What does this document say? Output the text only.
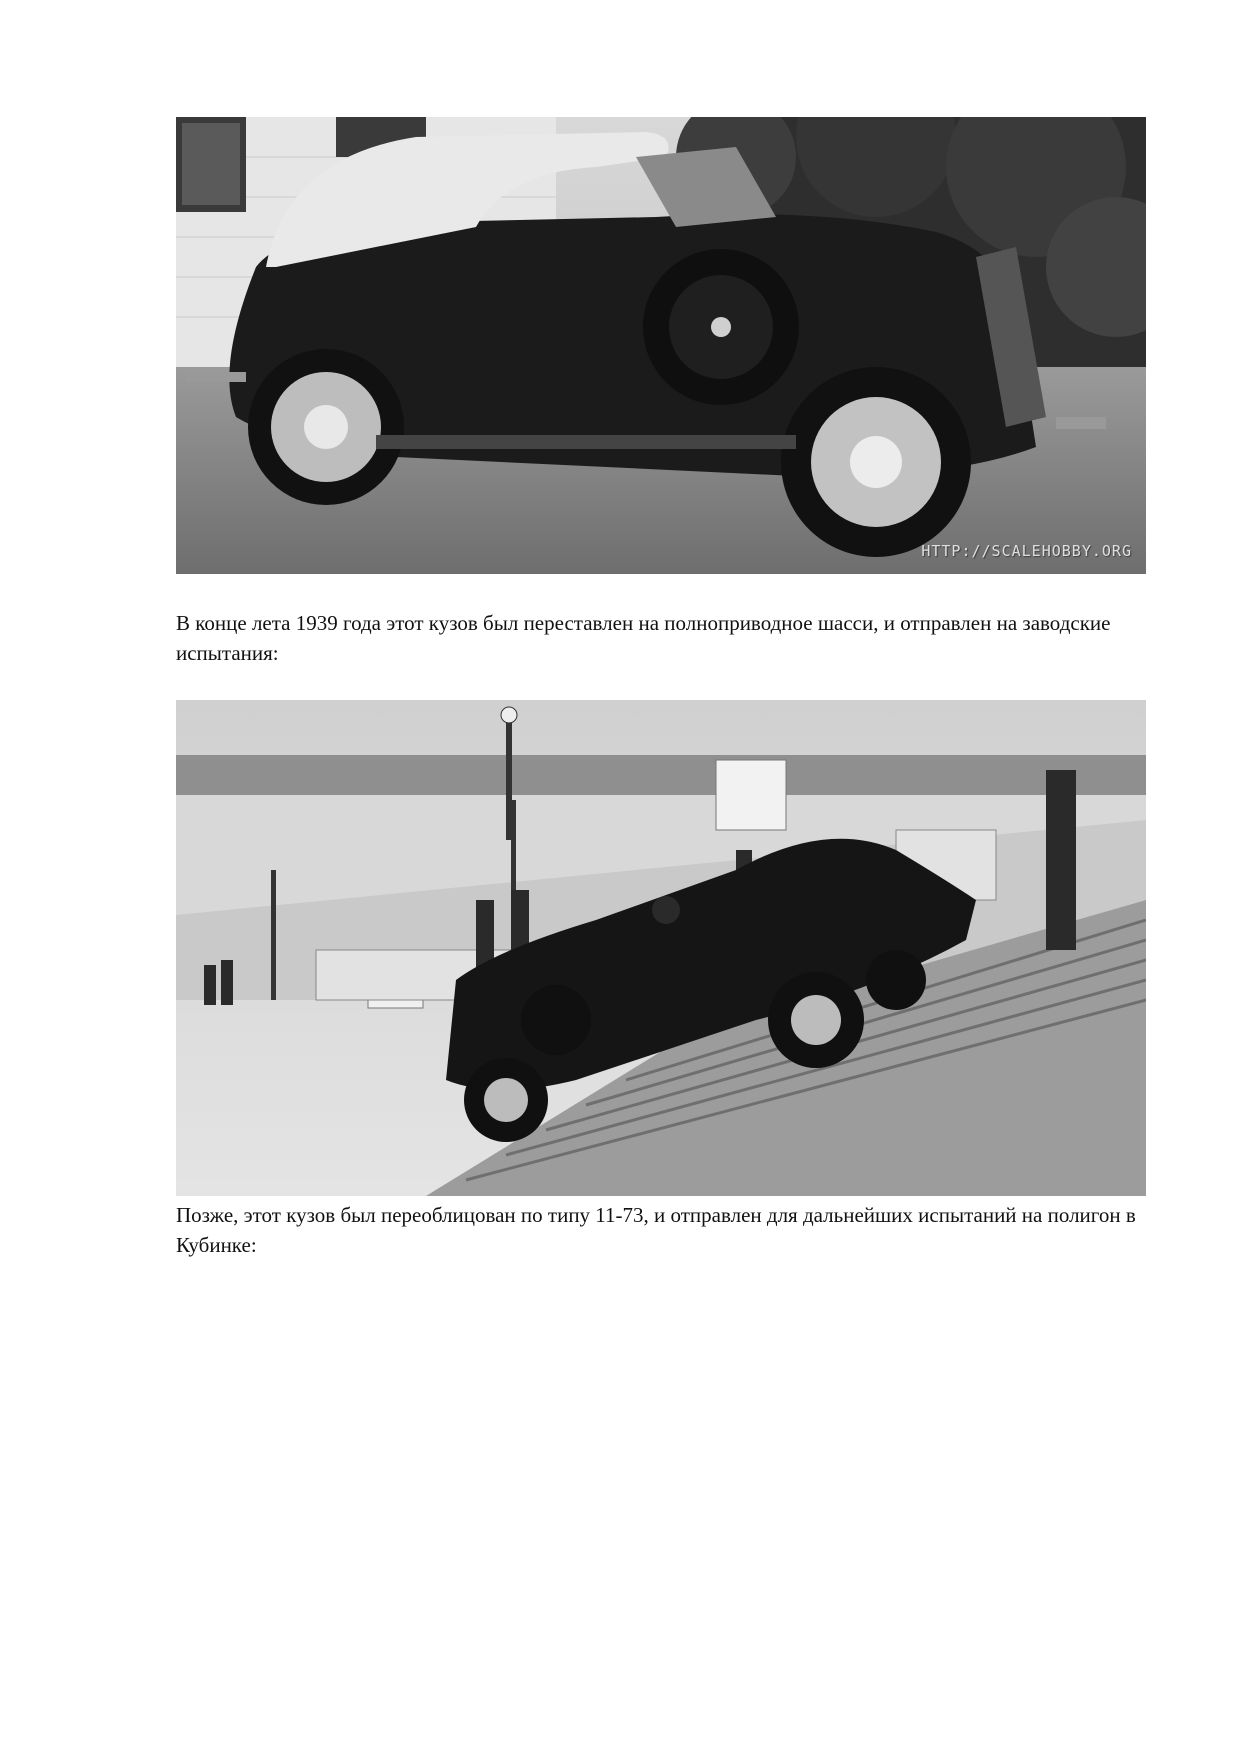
HTTP://SCALEHOBBY.ORG

В конце лета 1939 года этот кузов был переставлен на полноприводное шасси, и отправлен на заводские испытания:

Позже, этот кузов был переоблицован по типу 11-73, и отправлен для дальнейших испытаний на полигон в Кубинке:
